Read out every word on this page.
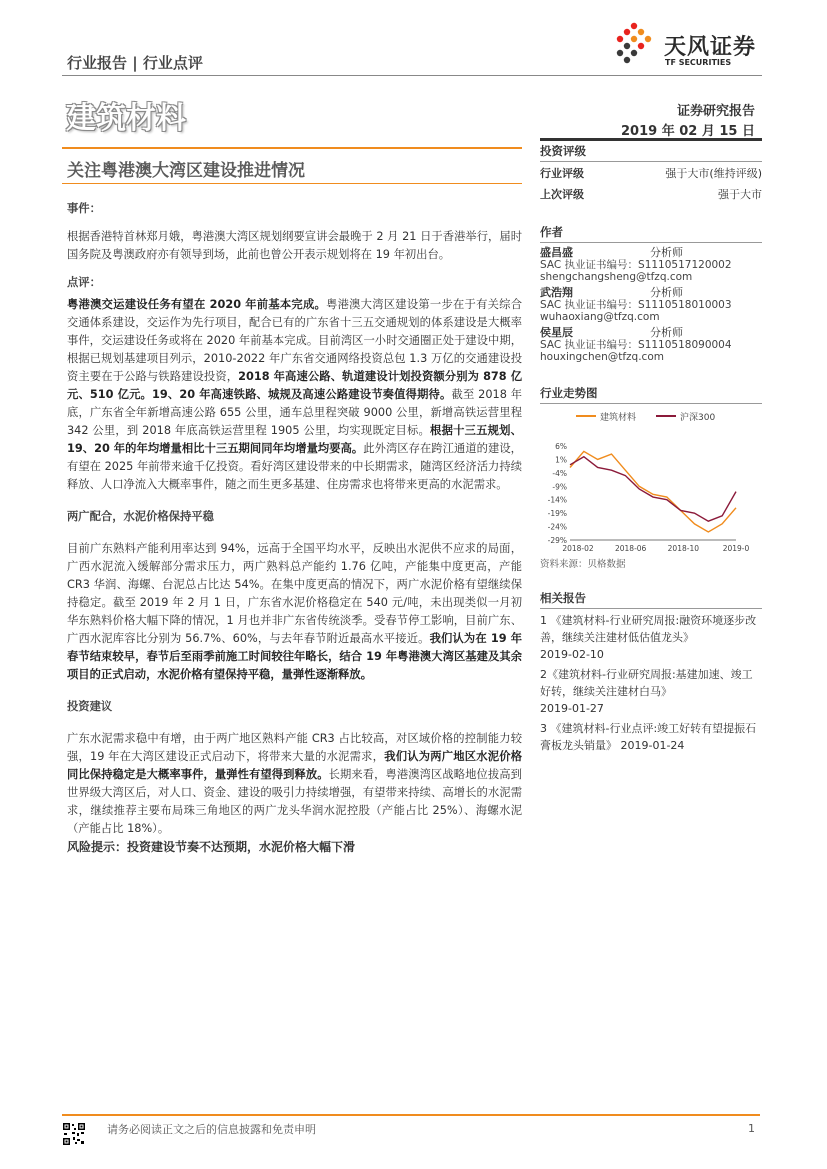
行业报告 | 行业点评
天风证券
TF SECURITIES
建筑材料	证券研究报告
2019 年 02 月 15 日
关注粤港澳大湾区建设推进情况

事件：

根据香港特首林郑月娥，粤港澳大湾区规划纲要宣讲会最晚于 2 月 21 日于香港举行，届时国务院及粤澳政府亦有领导到场，此前也曾公开表示规划将在 19 年初出台。

点评：

粤港澳交运建设任务有望在 2020 年前基本完成。粤港澳大湾区建设第一步在于有关综合交通体系建设，交运作为先行项目，配合已有的广东省十三五交通规划的体系建设是大概率事件，交运建设任务或将在 2020 年前基本完成。目前湾区一小时交通圈正处于建设中期，根据已规划基建项目列示，2010-2022 年广东省交通网络投资总包 1.3 万亿的交通建设投资主要在于公路与铁路建设投资，2018 年高速公路、轨道建设计划投资额分别为 878 亿元、510 亿元。19、20 年高速铁路、城规及高速公路建设节奏值得期待。截至 2018 年底，广东省全年新增高速公路 655 公里，通车总里程突破 9000 公里，新增高铁运营里程 342 公里，到 2018 年底高铁运营里程 1905 公里，均实现既定目标。根据十三五规划、19、20 年的年均增量相比十三五期间同年均增量均要高。此外湾区存在跨江通道的建设，有望在 2025 年前带来逾千亿投资。看好湾区建设带来的中长期需求，随湾区经济活力持续释放、人口净流入大概率事件，随之而生更多基建、住房需求也将带来更高的水泥需求。

两广配合，水泥价格保持平稳

目前广东熟料产能利用率达到 94%，远高于全国平均水平，反映出水泥供不应求的局面，广西水泥流入缓解部分需求压力，两广熟料总产能约 1.76 亿吨，产能集中度更高，产能 CR3 华润、海螺、台泥总占比达 54%。在集中度更高的情况下，两广水泥价格有望继续保持稳定。截至 2019 年 2 月 1 日，广东省水泥价格稳定在 540 元/吨，未出现类似一月初华东熟料价格大幅下降的情况，1 月也并非广东省传统淡季。受春节停工影响，目前广东、广西水泥库容比分别为 56.7%、60%，与去年春节附近最高水平接近。我们认为在 19 年春节结束较早，春节后至雨季前施工时间较往年略长，结合 19 年粤港澳大湾区基建及其余项目的正式启动，水泥价格有望保持平稳，量弹性逐渐释放。

投资建议

广东水泥需求稳中有增，由于两广地区熟料产能 CR3 占比较高，对区域价格的控制能力较强，19 年在大湾区建设正式启动下，将带来大量的水泥需求，我们认为两广地区水泥价格同比保持稳定是大概率事件，量弹性有望得到释放。长期来看，粤港澳湾区战略地位拔高到世界级大湾区后，对人口、资金、建设的吸引力持续增强，有望带来持续、高增长的水泥需求，继续推荐主要布局珠三角地区的两广龙头华润水泥控股（产能占比 25%）、海螺水泥（产能占比 18%）。

风险提示：投资建设节奏不达预期，水泥价格大幅下滑
投资评级
行业评级	强于大市(维持评级)
上次评级	强于大市
作者
盛昌盛	分析师
SAC 执业证书编号：S1110517120002
shengchangsheng@tfzq.com
武浩翔	分析师
SAC 执业证书编号：S1110518010003
wuhaoxiang@tfzq.com
侯星辰	分析师
SAC 执业证书编号：S1110518090004
houxingchen@tfzq.com
行业走势图
建筑材料	沪深300
6%
1%
-4%
-9%
-14%
-19%
-24%
-29%
2018-02	2018-06	2018-10	2019-0
资料来源：贝格数据
相关报告
1 《建筑材料-行业研究周报:融资环境逐步改善，继续关注建材低估值龙头》
2019-02-10
2《建筑材料-行业研究周报:基建加速、竣工好转，继续关注建材白马》
2019-01-27
3 《建筑材料-行业点评:竣工好转有望提振石膏板龙头销量》 2019-01-24
请务必阅读正文之后的信息披露和免责申明	1
